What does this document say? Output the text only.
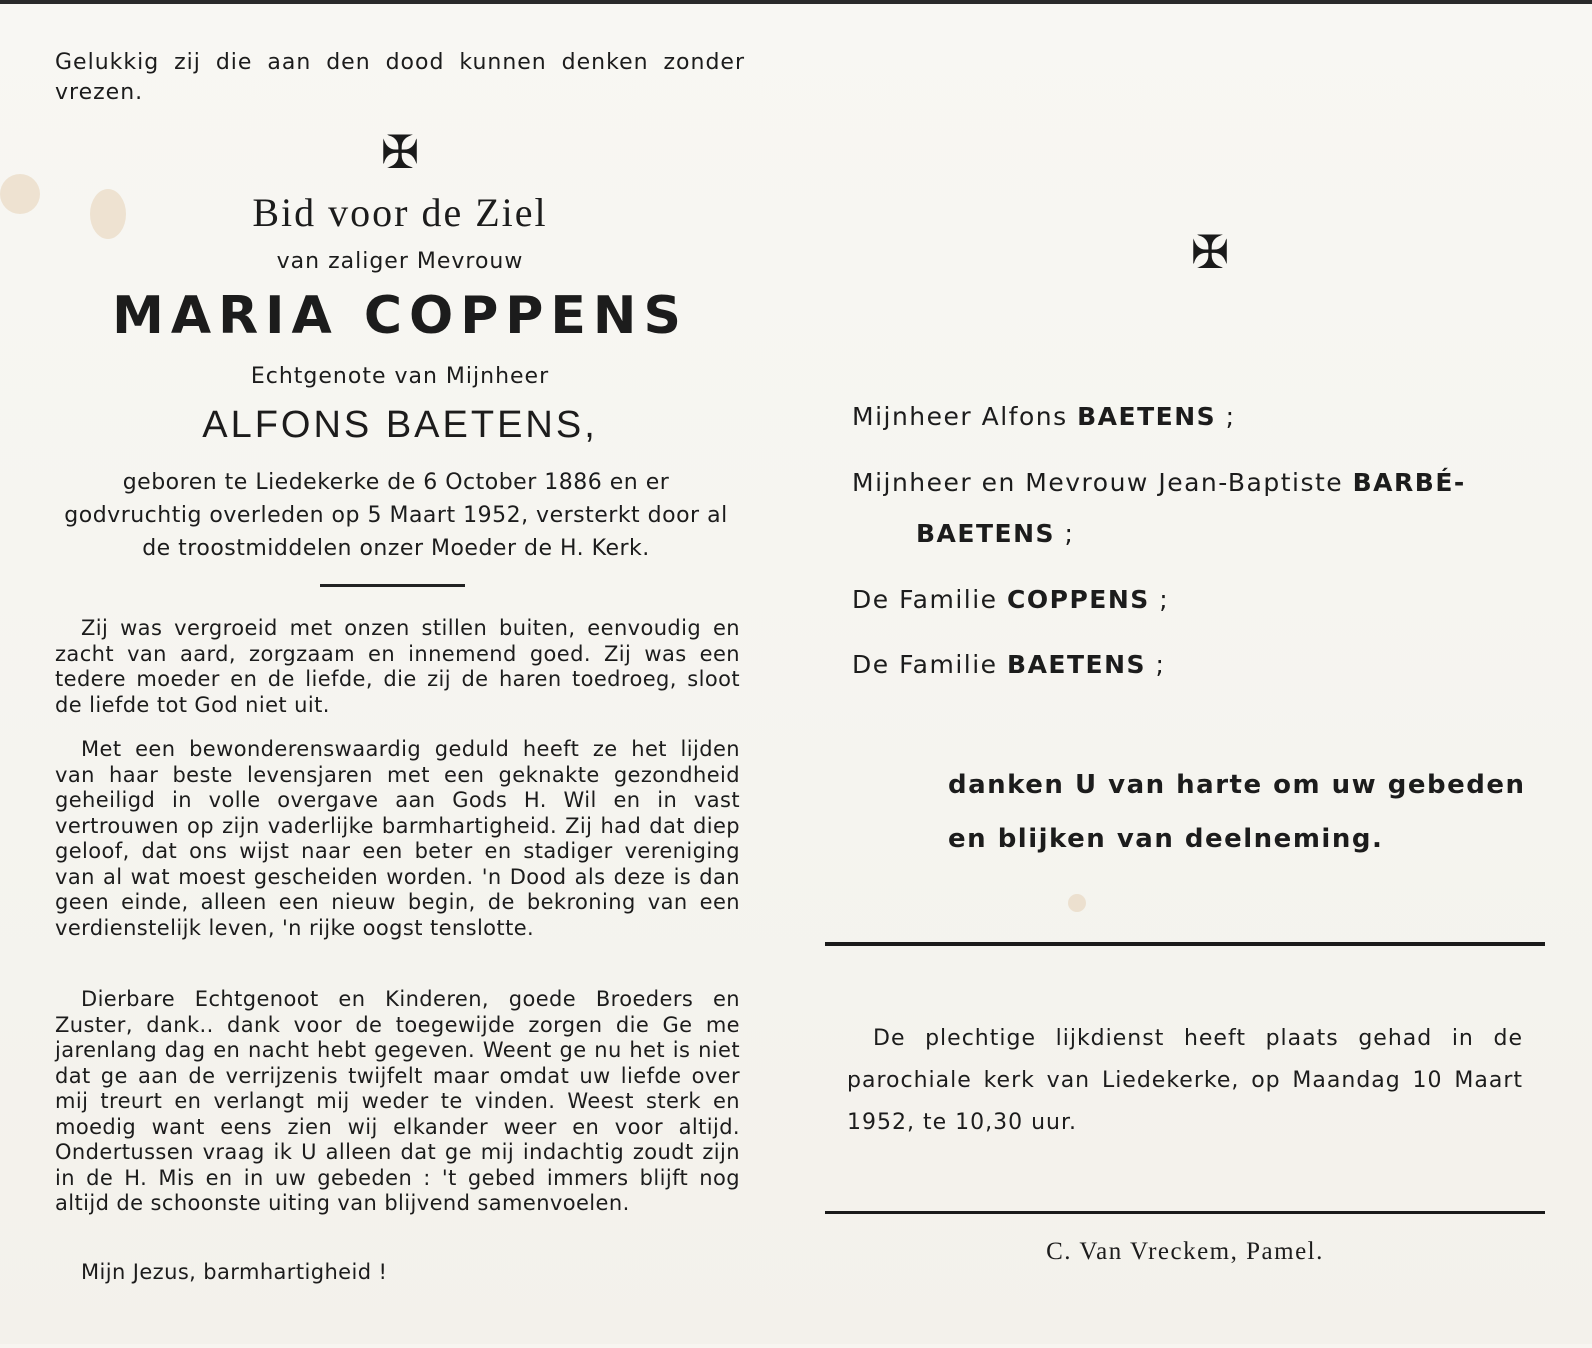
Gelukkig zij die aan den dood kunnen denken zonder vrezen.
✠
Bid voor de Ziel
van zaliger Mevrouw
MARIA COPPENS
Echtgenote van Mijnheer
ALFONS BAETENS,
geboren te Liedekerke de 6 October 1886 en er godvruchtig overleden op 5 Maart 1952, versterkt door al de troostmiddelen onzer Moeder de H. Kerk.
Zij was vergroeid met onzen stillen buiten, eenvoudig en zacht van aard, zorgzaam en innemend goed. Zij was een tedere moeder en de liefde, die zij de haren toedroeg, sloot de liefde tot God niet uit.
Met een bewonderenswaardig geduld heeft ze het lijden van haar beste levensjaren met een geknakte gezondheid geheiligd in volle overgave aan Gods H. Wil en in vast vertrouwen op zijn vaderlijke barmhartigheid. Zij had dat diep geloof, dat ons wijst naar een beter en stadiger vereniging van al wat moest gescheiden worden. 'n Dood als deze is dan geen einde, alleen een nieuw begin, de bekroning van een verdienstelijk leven, 'n rijke oogst tenslotte.
Dierbare Echtgenoot en Kinderen, goede Broeders en Zuster, dank.. dank voor de toegewijde zorgen die Ge me jarenlang dag en nacht hebt gegeven. Weent ge nu het is niet dat ge aan de verrijzenis twijfelt maar omdat uw liefde over mij treurt en verlangt mij weder te vinden. Weest sterk en moedig want eens zien wij elkander weer en voor altijd. Ondertussen vraag ik U alleen dat ge mij indachtig zoudt zijn in de H. Mis en in uw gebeden : 't gebed immers blijft nog altijd de schoonste uiting van blijvend samenvoelen.
Mijn Jezus, barmhartigheid !
✠
Mijnheer Alfons BAETENS ;
Mijnheer en Mevrouw Jean-Baptiste BARBÉ-
BAETENS ;
De Familie COPPENS ;
De Familie BAETENS ;
danken U van harte om uw gebeden en blijken van deelneming.
De plechtige lijkdienst heeft plaats gehad in de parochiale kerk van Liedekerke, op Maandag 10 Maart 1952, te 10,30 uur.
C. Van Vreckem, Pamel.
